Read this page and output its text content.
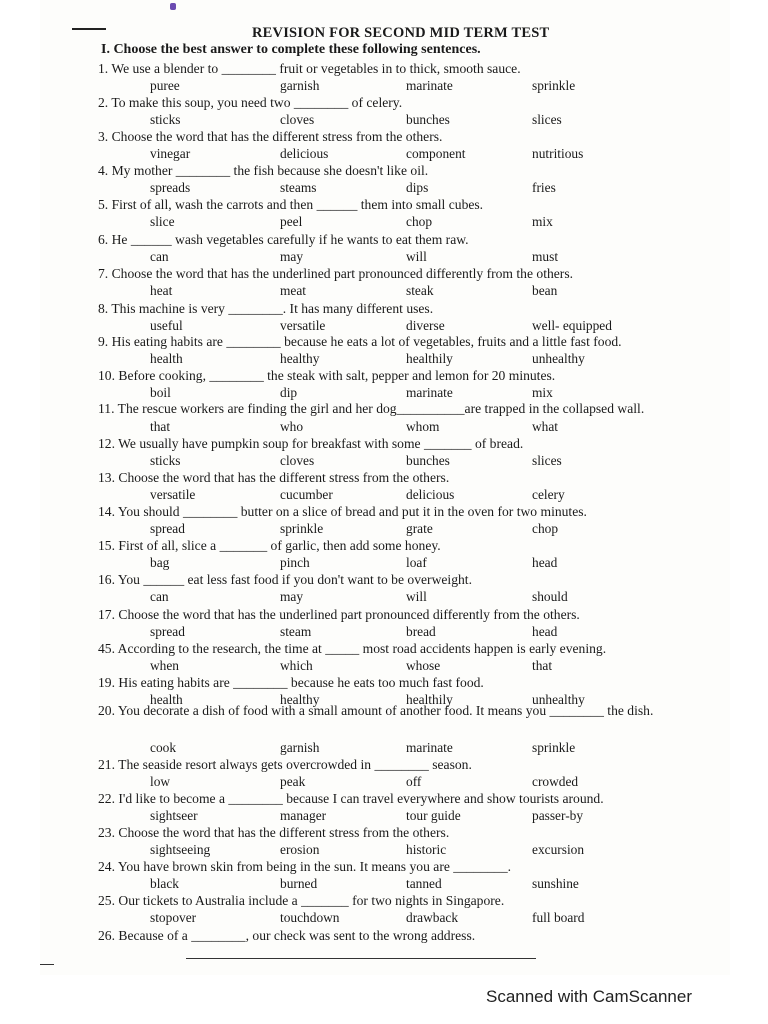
REVISION FOR SECOND MID TERM TEST
I. Choose the best answer to complete these following sentences.
1. We use a blender to ________ fruit or vegetables in to thick, smooth sauce.
puree	garnish	marinate	sprinkle
2. To make this soup, you need two ________ of celery.
sticks	cloves	bunches	slices
3. Choose the word that has the different stress from the others.
vinegar	delicious	component	nutritious
4. My mother ________ the fish because she doesn't like oil.
spreads	steams	dips	fries
5. First of all, wash the carrots and then ______ them into small cubes.
slice	peel	chop	mix
6. He ______ wash vegetables carefully if he wants to eat them raw.
can	may	will	must
7. Choose the word that has the underlined part pronounced differently from the others.
heat	meat	steak	bean
8. This machine is very ________. It has many different uses.
useful	versatile	diverse	well- equipped
9. His eating habits are ________ because he eats a lot of vegetables, fruits and a little fast food.
health	healthy	healthily	unhealthy
10. Before cooking, ________ the steak with salt, pepper and lemon for 20 minutes.
boil	dip	marinate	mix
11. The rescue workers are finding the girl and her dog__________are trapped in the collapsed wall.
that	who	whom	what
12. We usually have pumpkin soup for breakfast with some _______ of bread.
sticks	cloves	bunches	slices
13. Choose the word that has the different stress from the others.
versatile	cucumber	delicious	celery
14. You should ________ butter on a slice of bread and put it in the oven for two minutes.
spread	sprinkle	grate	chop
15. First of all, slice a _______ of garlic, then add some honey.
bag	pinch	loaf	head
16. You ______ eat less fast food if you don't want to be overweight.
can	may	will	should
17. Choose the word that has the underlined part pronounced differently from the others.
spread	steam	bread	head
45. According to the research, the time at _____ most road accidents happen is early evening.
when	which	whose	that
19. His eating habits are ________ because he eats too much fast food.
health	healthy	healthily	unhealthy
20. You decorate a dish of food with a small amount of another food. It means you ________ the dish.
cook	garnish	marinate	sprinkle
21. The seaside resort always gets overcrowded in ________ season.
low	peak	off	crowded
22. I'd like to become a ________ because I can travel everywhere and show tourists around.
sightseer	manager	tour guide	passer-by
23. Choose the word that has the different stress from the others.
sightseeing	erosion	historic	excursion
24. You have brown skin from being in the sun. It means you are ________.
black	burned	tanned	sunshine
25. Our tickets to Australia include a _______ for two nights in Singapore.
stopover	touchdown	drawback	full board
26. Because of a ________, our check was sent to the wrong address.
Scanned with CamScanner
